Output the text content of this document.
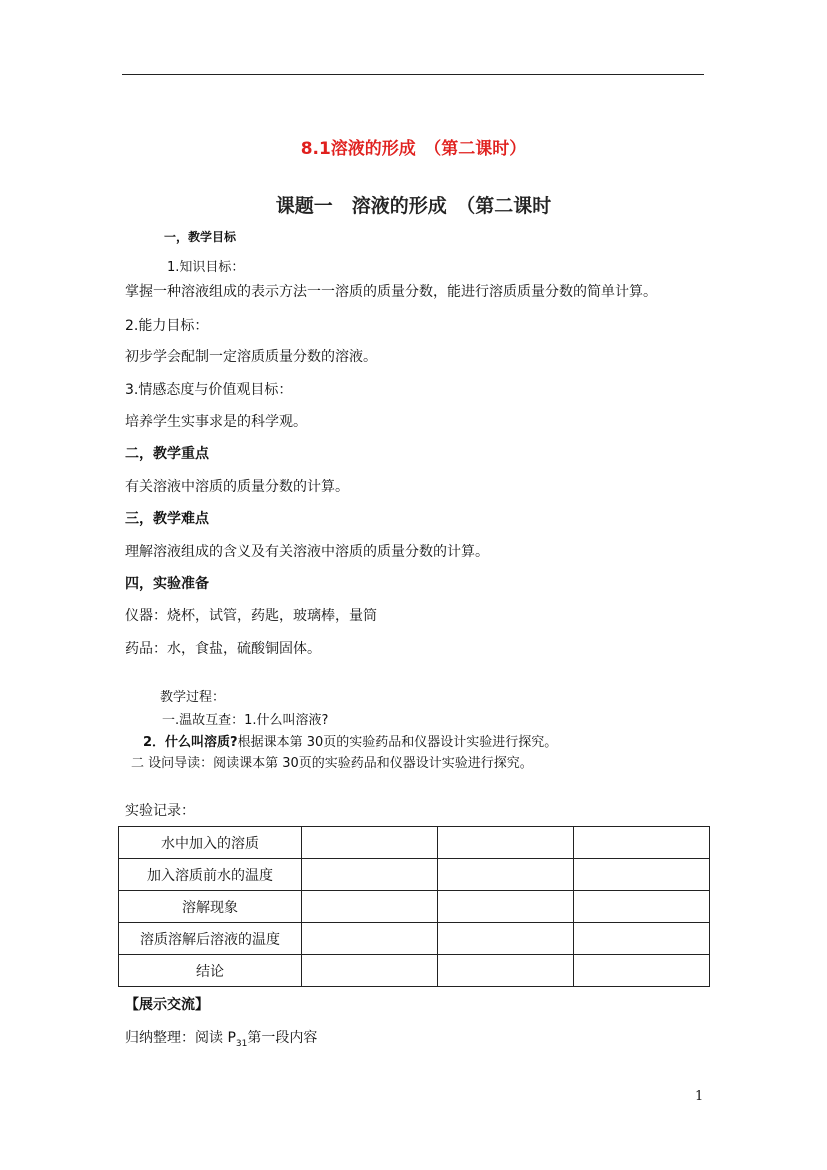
8.1溶液的形成　（第二课时）
课题一　溶液的形成　（第二课时
一，教学目标
1.知识目标：
掌握一种溶液组成的表示方法一一溶质的质量分数，能进行溶质质量分数的简单计算。
2.能力目标：
初步学会配制一定溶质质量分数的溶液。
3.情感态度与价值观目标：
培养学生实事求是的科学观。
二，教学重点
有关溶液中溶质的质量分数的计算。
三，教学难点
理解溶液组成的含义及有关溶液中溶质的质量分数的计算。
四，实验准备
仪器：烧杯，试管，药匙，玻璃棒，量筒
药品：水，食盐，硫酸铜固体。
教学过程：
一.温故互查：1.什么叫溶液?
2．什么叫溶质?根据课本第 30页的实验药品和仪器设计实验进行探究。
二 设问导读：阅读课本第 30页的实验药品和仪器设计实验进行探究。
实验记录：
水中加入的溶质			
加入溶质前水的温度			
溶解现象			
溶质溶解后溶液的温度			
结论			
【展示交流】
归纳整理：阅读 $P_{31}$第一段内容
1
